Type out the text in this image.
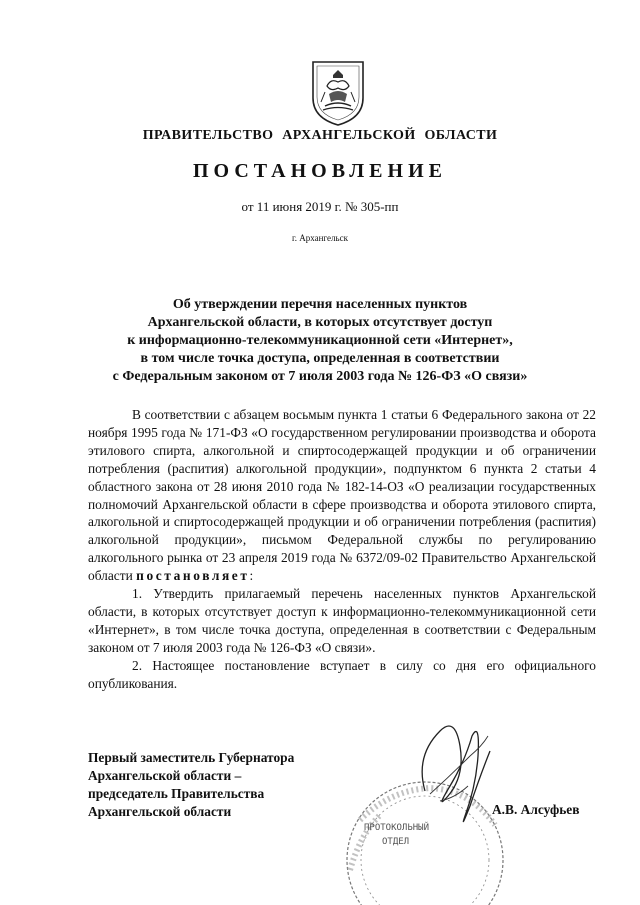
ПРАВИТЕЛЬСТВО АРХАНГЕЛЬСКОЙ ОБЛАСТИ
ПОСТАНОВЛЕНИЕ
от 11 июня 2019 г. № 305-пп
г. Архангельск
Об утверждении перечня населенных пунктов
Архангельской области, в которых отсутствует доступ
к информационно-телекоммуникационной сети «Интернет»,
в том числе точка доступа, определенная в соответствии
с Федеральным законом от 7 июля 2003 года № 126-ФЗ «О связи»

В соответствии с абзацем восьмым пункта 1 статьи 6 Федерального закона от 22 ноября 1995 года № 171-ФЗ «О государственном регулировании производства и оборота этилового спирта, алкогольной и спиртосодержащей продукции и об ограничении потребления (распития) алкогольной продукции», подпунктом 6 пункта 2 статьи 4 областного закона от 28 июня 2010 года № 182-14-ОЗ «О реализации государственных полномочий Архангельской области в сфере производства и оборота этилового спирта, алкогольной и спиртосодержащей продукции и об ограничении потребления (распития) алкогольной продукции», письмом Федеральной службы по регулированию алкогольного рынка от 23 апреля 2019 года № 6372/09-02 Правительство Архангельской области постановляет:

1. Утвердить прилагаемый перечень населенных пунктов Архангельской области, в которых отсутствует доступ к информационно-телекоммуникационной сети «Интернет», в том числе точка доступа, определенная в соответствии с Федеральным законом от 7 июля 2003 года № 126-ФЗ «О связи».

2. Настоящее постановление вступает в силу со дня его официального опубликования.

Первый заместитель Губернатора
Архангельской области –
председатель Правительства
Архангельской области	А.В. Алсуфьев
ПРОТОКОЛЬНЫЙ
ОТДЕЛ
